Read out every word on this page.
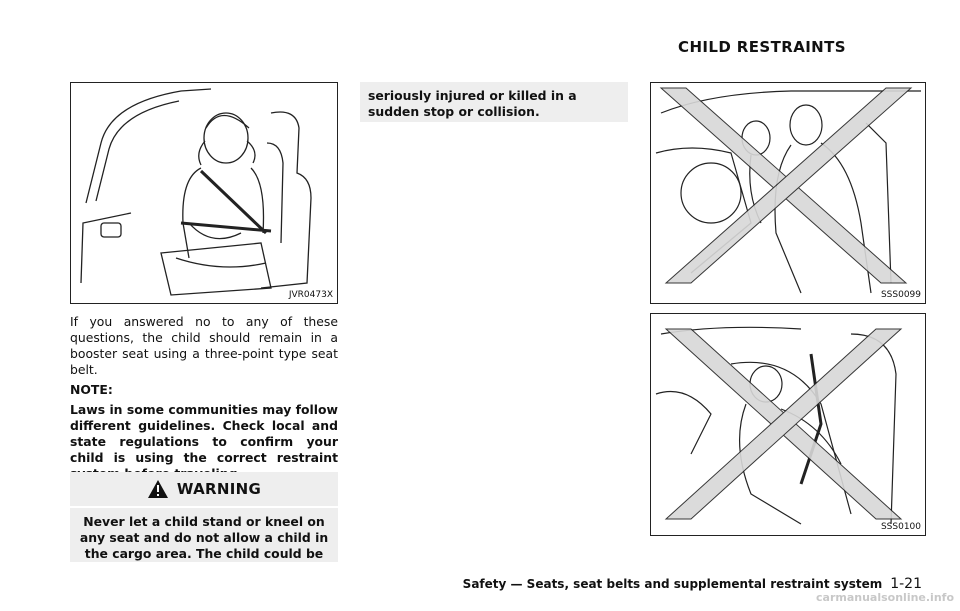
CHILD RESTRAINTS
JVR0473X	SSS0099
SSS0100

If you answered no to any of these questions, the child should remain in a booster seat using a three-point type seat belt.

NOTE:

Laws in some communities may follow different guidelines. Check local and state regulations to confirm your child is using the correct restraint

WARNING
Never let a child stand or kneel on any seat and do not allow a child in the cargo area. The child could be
seriously injured or killed in a sudden stop or collision.
Safety — Seats, seat belts and supplemental restraint system 1-21
carmanualsonline.info
